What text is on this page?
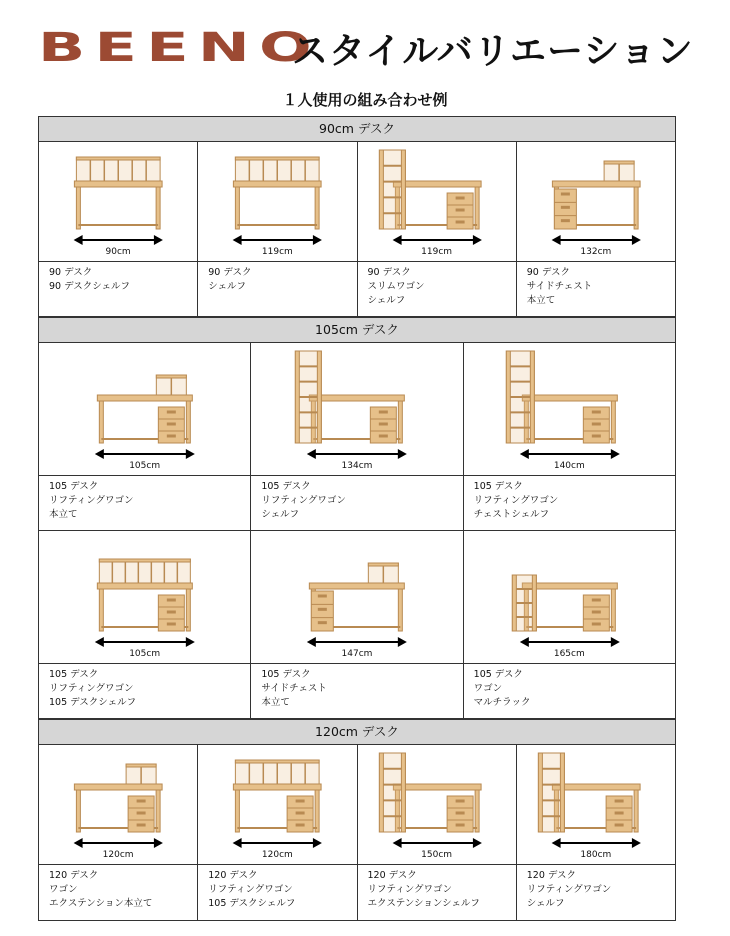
BEENO
スタイルバリエーション
１人使用の組み合わせ例
90cm デスク
90cm
90 デスク
90 デスクシェルフ
119cm
90 デスク
シェルフ
119cm
90 デスク
スリムワゴン
シェルフ
132cm
90 デスク
サイドチェスト
本立て
105cm デスク
105cm
105 デスク
リフティングワゴン
本立て
134cm
105 デスク
リフティングワゴン
シェルフ
140cm
105 デスク
リフティングワゴン
チェストシェルフ
105cm
105 デスク
リフティングワゴン
105 デスクシェルフ
147cm
105 デスク
サイドチェスト
本立て
165cm
105 デスク
ワゴン
マルチラック
120cm デスク
120cm
120 デスク
ワゴン
エクステンション本立て
120cm
120 デスク
リフティングワゴン
105 デスクシェルフ
150cm
120 デスク
リフティングワゴン
エクステンションシェルフ
180cm
120 デスク
リフティングワゴン
シェルフ
